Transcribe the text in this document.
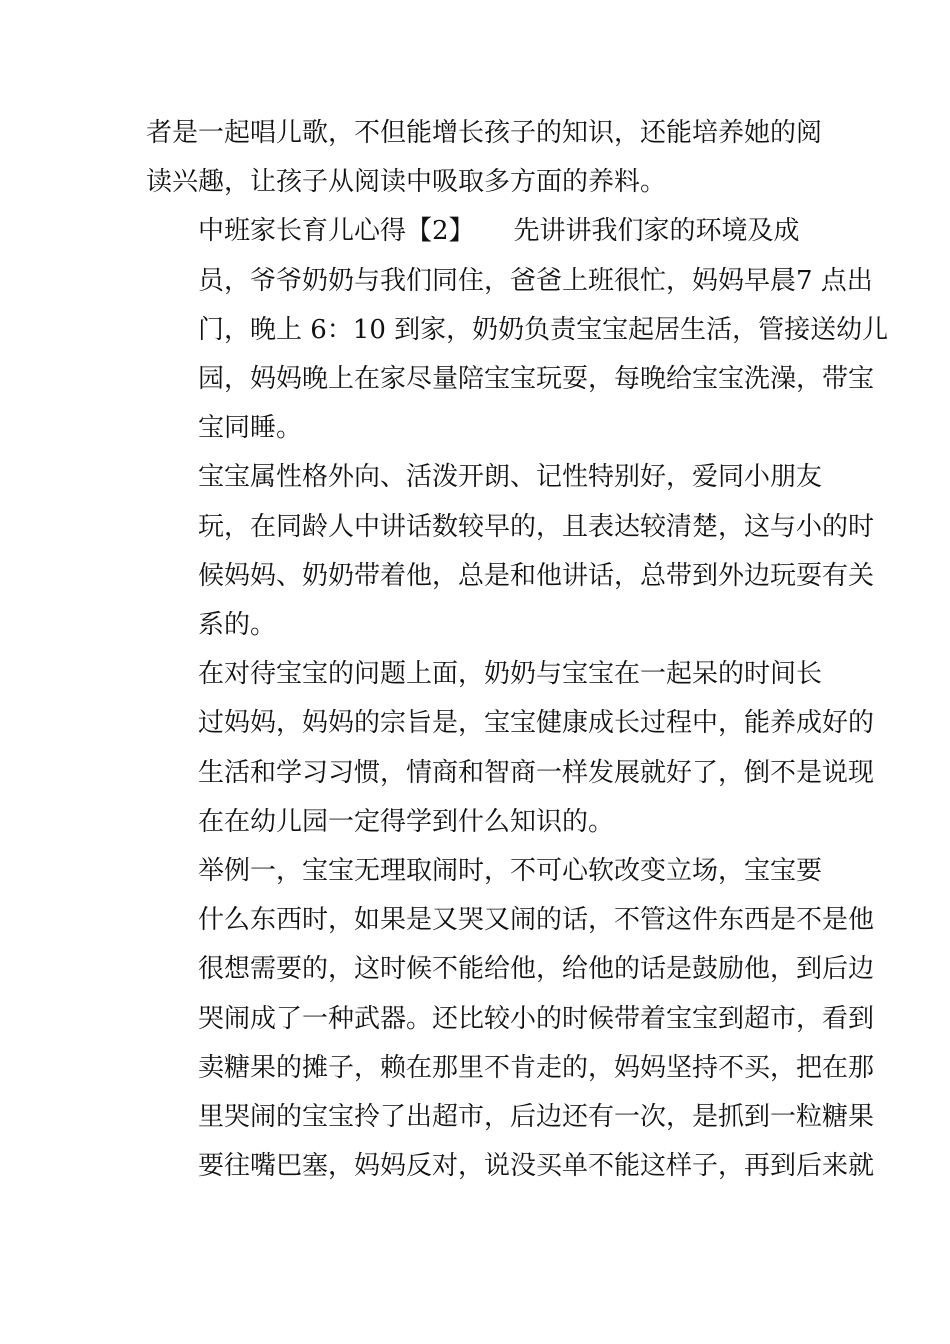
者是一起唱儿歌，不但能增长孩子的知识，还能培养她的阅
读兴趣，让孩子从阅读中吸取多方面的养料。
中班家长育儿心得【2】　　先讲讲我们家的环境及成
员，爷爷奶奶与我们同住，爸爸上班很忙，妈妈早晨7 点出
门，晚上 6：10 到家，奶奶负责宝宝起居生活，管接送幼儿
园，妈妈晚上在家尽量陪宝宝玩耍，每晚给宝宝洗澡，带宝
宝同睡。
宝宝属性格外向、活泼开朗、记性特别好，爱同小朋友
玩，在同龄人中讲话数较早的，且表达较清楚，这与小的时
候妈妈、奶奶带着他，总是和他讲话，总带到外边玩耍有关
系的。
在对待宝宝的问题上面，奶奶与宝宝在一起呆的时间长
过妈妈，妈妈的宗旨是，宝宝健康成长过程中，能养成好的
生活和学习习惯，情商和智商一样发展就好了，倒不是说现
在在幼儿园一定得学到什么知识的。
举例一，宝宝无理取闹时，不可心软改变立场，宝宝要
什么东西时，如果是又哭又闹的话，不管这件东西是不是他
很想需要的，这时候不能给他，给他的话是鼓励他，到后边
哭闹成了一种武器。还比较小的时候带着宝宝到超市，看到
卖糖果的摊子，赖在那里不肯走的，妈妈坚持不买，把在那
里哭闹的宝宝拎了出超市，后边还有一次，是抓到一粒糖果
要往嘴巴塞，妈妈反对，说没买单不能这样子，再到后来就
